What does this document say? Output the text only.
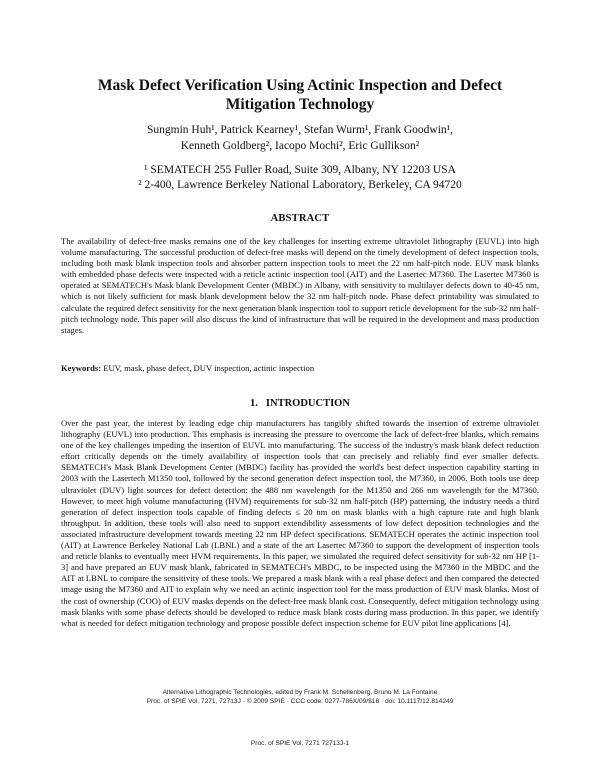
Mask Defect Verification Using Actinic Inspection and Defect
Mitigation Technology
Sungmin Huh¹, Patrick Kearney¹, Stefan Wurm¹, Frank Goodwin¹,
Kenneth Goldberg², Iacopo Mochi², Eric Gullikson²
¹ SEMATECH 255 Fuller Road, Suite 309, Albany, NY 12203 USA
² 2-400, Lawrence Berkeley National Laboratory, Berkeley, CA 94720
ABSTRACT

The availability of defect-free masks remains one of the key challenges for inserting extreme ultraviolet lithography (EUVL) into high volume manufacturing. The successful production of defect-free masks will depend on the timely development of defect inspection tools, including both mask blank inspection tools and absorber pattern inspection tools to meet the 22 nm half-pitch node. EUV mask blanks with embedded phase defects were inspected with a reticle actinic inspection tool (AIT) and the Lasertec M7360. The Lasertec M7360 is operated at SEMATECH's Mask blank Development Center (MBDC) in Albany, with sensitivity to multilayer defects down to 40-45 nm, which is not likely sufficient for mask blank development below the 32 nm half-pitch node. Phase defect printability was simulated to calculate the required defect sensitivity for the next generation blank inspection tool to support reticle development for the sub-32 nm half-pitch technology node. This paper will also discuss the kind of infrastructure that will be required in the development and mass production stages.

Keywords: EUV, mask, phase defect, DUV inspection, actinic inspection

1. INTRODUCTION

Over the past year, the interest by leading edge chip manufacturers has tangibly shifted towards the insertion of extreme ultraviolet lithography (EUVL) into production. This emphasis is increasing the pressure to overcome the lack of defect-free blanks, which remains one of the key challenges impeding the insertion of EUVL into manufacturing. The success of the industry's mask blank defect reduction effort critically depends on the timely availability of inspection tools that can precisely and reliably find ever smaller defects. SEMATECH's Mask Blank Development Center (MBDC) facility has provided the world's best defect inspection capability starting in 2003 with the Lasertech M1350 tool, followed by the second generation defect inspection tool, the M7360, in 2006. Both tools use deep ultraviolet (DUV) light sources for defect detection: the 488 nm wavelength for the M1350 and 266 nm wavelength for the M7360. However, to meet high volume manufacturing (HVM) requirements for sub-32 nm half-pitch (HP) patterning, the industry needs a third generation of defect inspection tools capable of finding defects ≤ 20 nm on mask blanks with a high capture rate and high blank throughput. In addition, these tools will also need to support extendibility assessments of low defect deposition technologies and the associated infrastructure development towards meeting 22 nm HP defect specifications. SEMATECH operates the actinic inspection tool (AIT) at Lawrence Berkeley National Lab (LBNL) and a state of the art Lasertec M7360 to support the development of inspection tools and reticle blanks to eventually meet HVM requirements. In this paper, we simulated the required defect sensitivity for sub-32 nm HP [1-3] and have prepared an EUV mask blank, fabricated in SEMATECH's MBDC, to be inspected using the M7360 in the MBDC and the AIT at LBNL to compare the sensitivity of these tools. We prepared a mask blank with a real phase defect and then compared the detected image using the M7360 and AIT to explain why we need an actinic inspection tool for the mass production of EUV mask blanks. Most of the cost of ownership (COO) of EUV masks depends on the defect-free mask blank cost. Consequently, defect mitigation technology using mask blanks with some phase defects should be developed to reduce mask blank costs during mass production. In this paper, we identify what is needed for defect mitigation technology and propose possible defect inspection scheme for EUV pilot line applications [4].

Alternative Lithographic Technologies, edited by Frank M. Schellenberg, Bruno M. La Fontaine
Proc. of SPIE Vol. 7271, 72713J · © 2009 SPIE · CCC code: 0277-786X/09/$18 · doi: 10.1117/12.814249
Proc. of SPIE Vol. 7271 72713J-1
